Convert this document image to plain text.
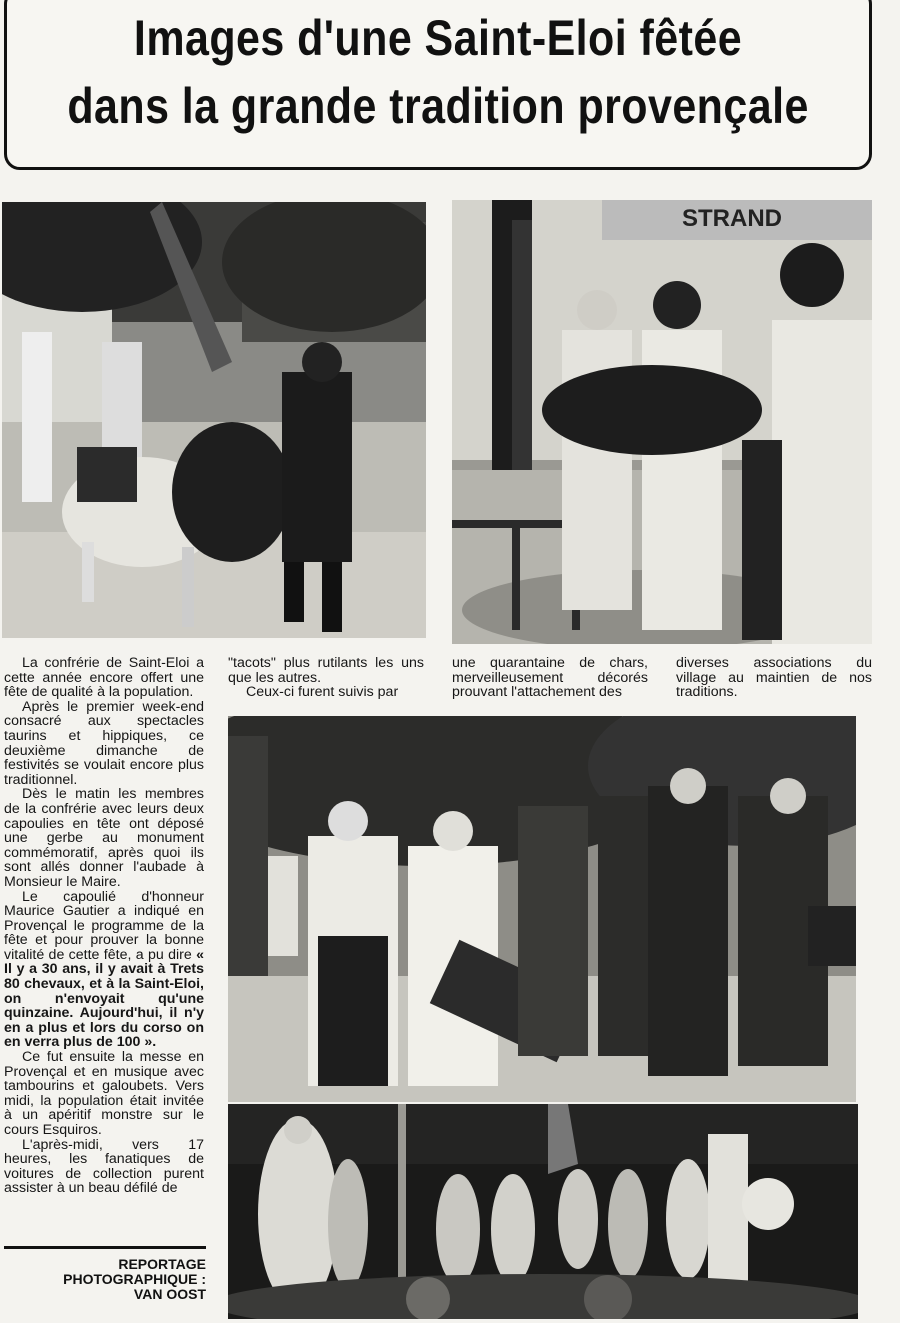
Images d'une Saint-Eloi fêtée
dans la grande tradition provençale
STRAND

La confrérie de Saint-Eloi a cette année encore offert une fête de qualité à la population.

Après le premier week-end consacré aux spectacles taurins et hippiques, ce deuxième dimanche de festivités se voulait encore plus traditionnel.

Dès le matin les membres de la confrérie avec leurs deux capoulies en tête ont déposé une gerbe au monument commémoratif, après quoi ils sont allés donner l'aubade à Monsieur le Maire.

Le capoulié d'honneur Maurice Gautier a indiqué en Provençal le programme de la fête et pour prouver la bonne vitalité de cette fête, a pu dire « Il y a 30 ans, il y avait à Trets 80 chevaux, et à la Saint-Eloi, on n'envoyait qu'une quinzaine. Aujourd'hui, il n'y en a plus et lors du corso on en verra plus de 100 ».

Ce fut ensuite la messe en Provençal et en musique avec tambourins et galoubets. Vers midi, la population était invitée à un apéritif monstre sur le cours Esquiros.

L'après-midi, vers 17 heures, les fanatiques de voitures de collection purent assister à un beau défilé de

"tacots" plus rutilants les uns que les autres.

Ceux-ci furent suivis par

une quarantaine de chars, merveilleusement décorés prouvant l'attachement des

diverses associations du village au maintien de nos traditions.

REPORTAGE
PHOTOGRAPHIQUE :
VAN OOST
